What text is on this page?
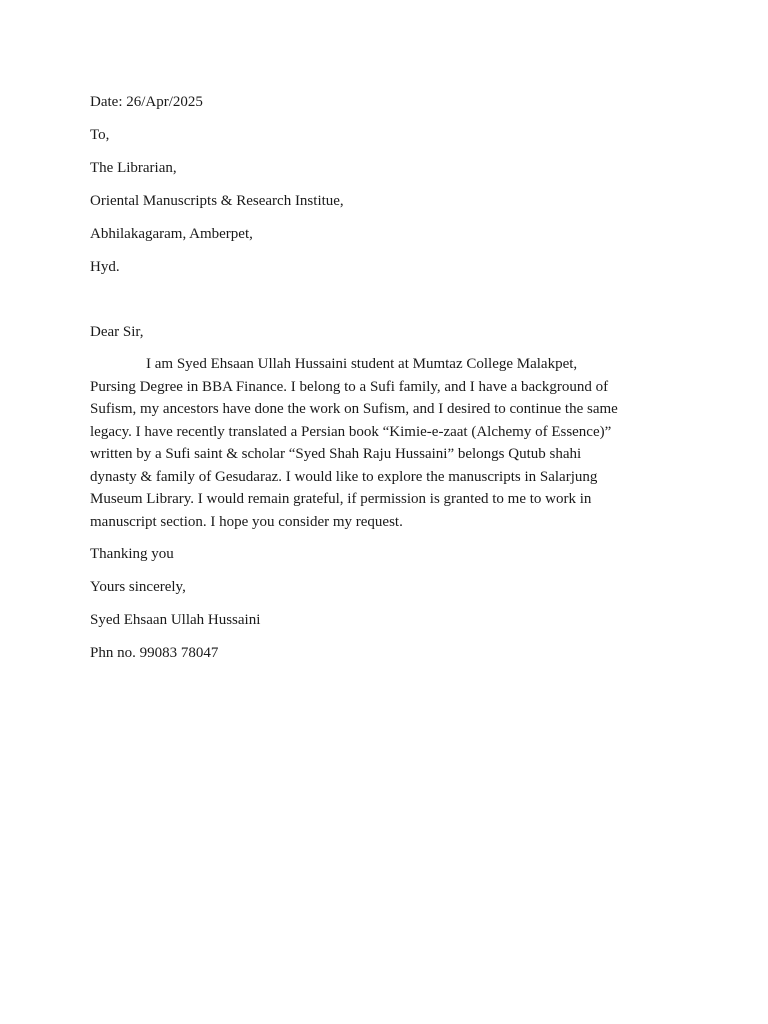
Date: 26/Apr/2025

To,

The Librarian,

Oriental Manuscripts & Research Institue,

Abhilakagaram, Amberpet,

Hyd.

Dear Sir,

I am Syed Ehsaan Ullah Hussaini student at Mumtaz College Malakpet,
Pursing Degree in BBA Finance. I belong to a Sufi family, and I have a background of
Sufism, my ancestors have done the work on Sufism, and I desired to continue the same
legacy. I have recently translated a Persian book “Kimie-e-zaat (Alchemy of Essence)”
written by a Sufi saint & scholar “Syed Shah Raju Hussaini” belongs Qutub shahi
dynasty & family of Gesudaraz. I would like to explore the manuscripts in Salarjung
Museum Library. I would remain grateful, if permission is granted to me to work in
manuscript section. I hope you consider my request.

Thanking you

Yours sincerely,

Syed Ehsaan Ullah Hussaini

Phn no. 99083 78047
